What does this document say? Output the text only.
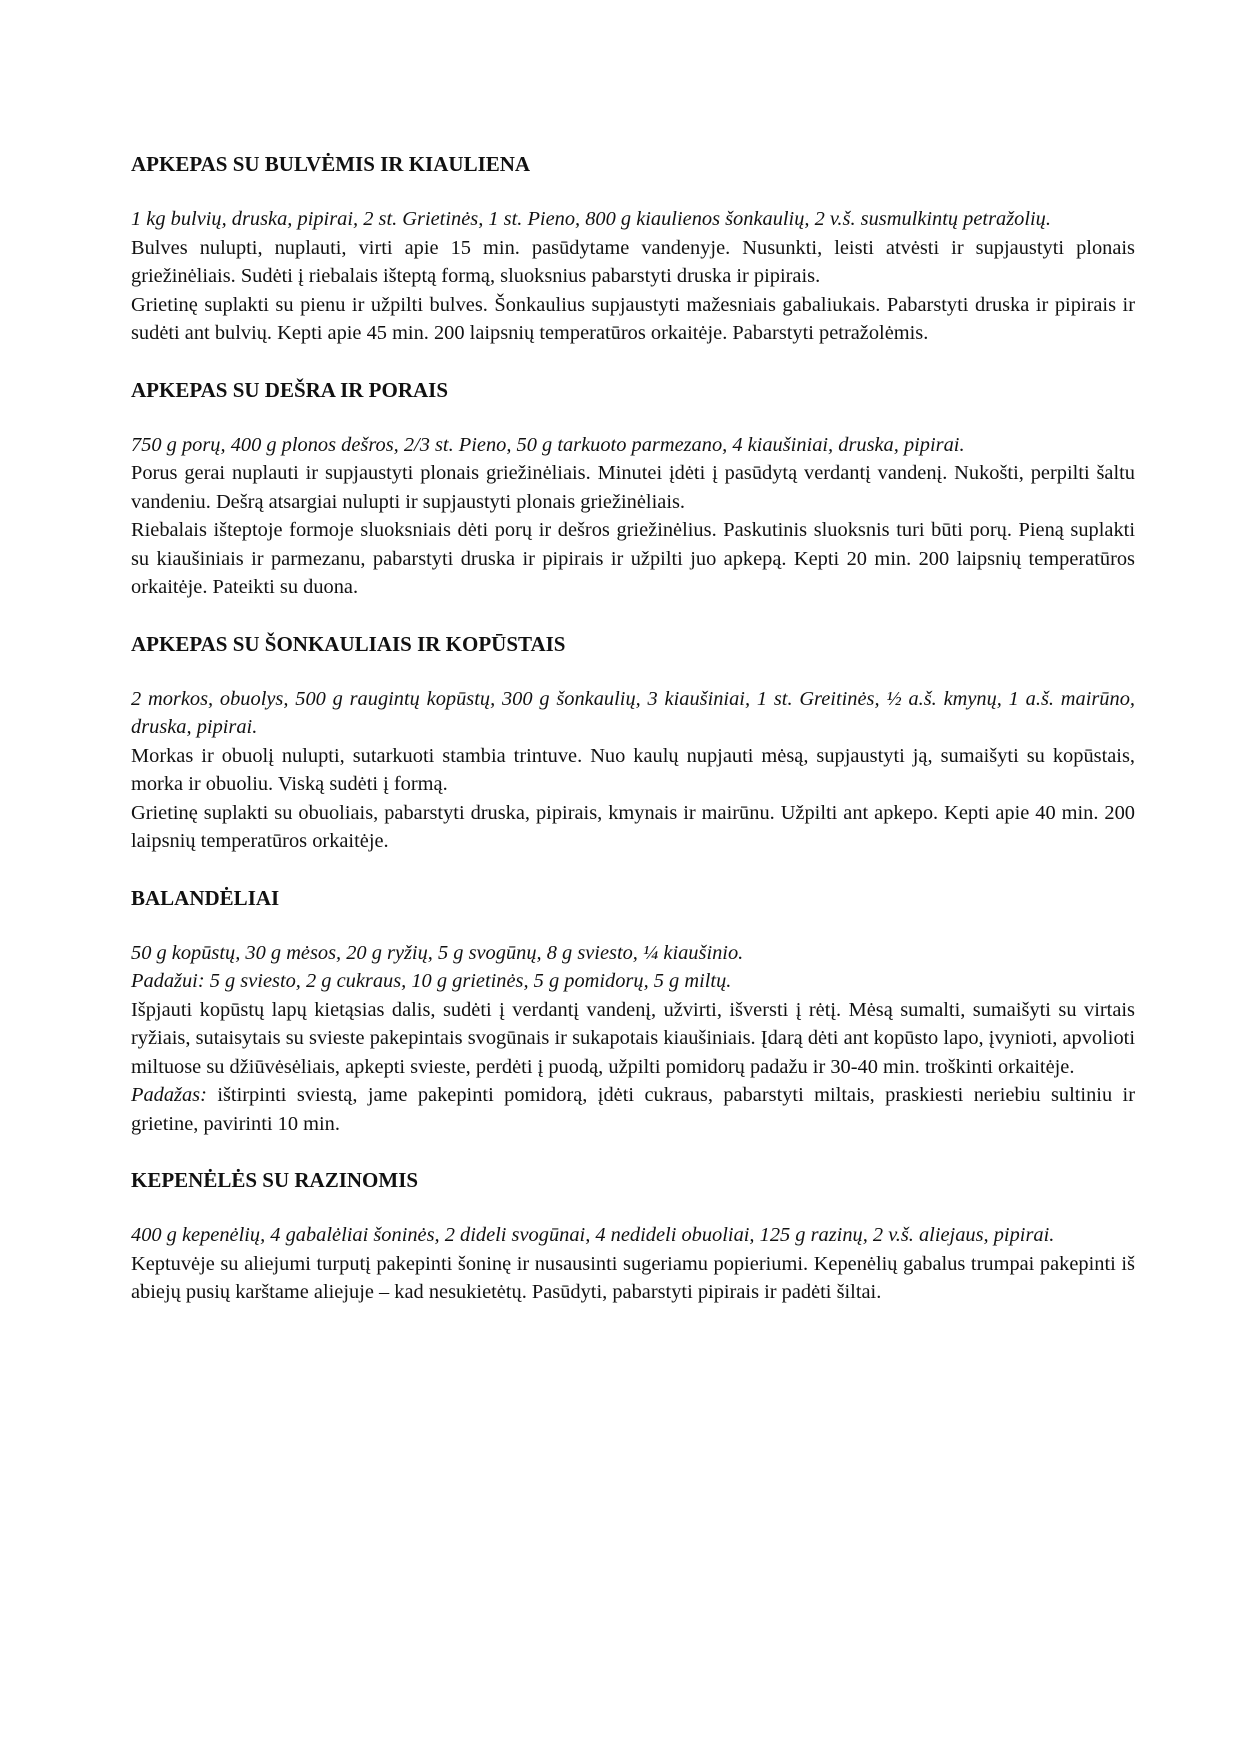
APKEPAS SU BULVĖMIS IR KIAULIENA

1 kg bulvių, druska, pipirai, 2 st. Grietinės, 1 st. Pieno, 800 g kiaulienos šonkaulių, 2 v.š. susmulkintų petražolių.

Bulves nulupti, nuplauti, virti apie 15 min. pasūdytame vandenyje. Nusunkti, leisti atvėsti ir supjaustyti plonais griežinėliais. Sudėti į riebalais išteptą formą, sluoksnius pabarstyti druska ir pipirais.

Grietinę suplakti su pienu ir užpilti bulves. Šonkaulius supjaustyti mažesniais gabaliukais. Pabarstyti druska ir pipirais ir sudėti ant bulvių. Kepti apie 45 min. 200 laipsnių temperatūros orkaitėje. Pabarstyti petražolėmis.

APKEPAS SU DEŠRA IR PORAIS

750 g porų, 400 g plonos dešros, 2/3 st. Pieno, 50 g tarkuoto parmezano, 4 kiaušiniai, druska, pipirai.

Porus gerai nuplauti ir supjaustyti plonais griežinėliais. Minutei įdėti į pasūdytą verdantį vandenį. Nukošti, perpilti šaltu vandeniu. Dešrą atsargiai nulupti ir supjaustyti plonais griežinėliais.

Riebalais išteptoje formoje sluoksniais dėti porų ir dešros griežinėlius. Paskutinis sluoksnis turi būti porų. Pieną suplakti su kiaušiniais ir parmezanu, pabarstyti druska ir pipirais ir užpilti juo apkepą. Kepti 20 min. 200 laipsnių temperatūros orkaitėje. Pateikti su duona.

APKEPAS SU ŠONKAULIAIS IR KOPŪSTAIS

2 morkos, obuolys, 500 g raugintų kopūstų, 300 g šonkaulių, 3 kiaušiniai, 1 st. Greitinės, ½ a.š. kmynų, 1 a.š. mairūno, druska, pipirai.

Morkas ir obuolį nulupti, sutarkuoti stambia trintuve. Nuo kaulų nupjauti mėsą, supjaustyti ją, sumaišyti su kopūstais, morka ir obuoliu. Viską sudėti į formą.

Grietinę suplakti su obuoliais, pabarstyti druska, pipirais, kmynais ir mairūnu. Užpilti ant apkepo. Kepti apie 40 min. 200 laipsnių temperatūros orkaitėje.

BALANDĖLIAI

50 g kopūstų, 30 g mėsos, 20 g ryžių, 5 g svogūnų, 8 g sviesto, ¼ kiaušinio.

Padažui: 5 g sviesto, 2 g cukraus, 10 g grietinės, 5 g pomidorų, 5 g miltų.

Išpjauti kopūstų lapų kietąsias dalis, sudėti į verdantį vandenį, užvirti, išversti į rėtį. Mėsą sumalti, sumaišyti su virtais ryžiais, sutaisytais su svieste pakepintais svogūnais ir sukapotais kiaušiniais. Įdarą dėti ant kopūsto lapo, įvynioti, apvolioti miltuose su džiūvėsėliais, apkepti svieste, perdėti į puodą, užpilti pomidorų padažu ir 30-40 min. troškinti orkaitėje.

Padažas: ištirpinti sviestą, jame pakepinti pomidorą, įdėti cukraus, pabarstyti miltais, praskiesti neriebiu sultiniu ir grietine, pavirinti 10 min.

KEPENĖLĖS SU RAZINOMIS

400 g kepenėlių, 4 gabalėliai šoninės, 2 dideli svogūnai, 4 nedideli obuoliai, 125 g razinų, 2 v.š. aliejaus, pipirai.

Keptuvėje su aliejumi turputį pakepinti šoninę ir nusausinti sugeriamu popieriumi. Kepenėlių gabalus trumpai pakepinti iš abiejų pusių karštame aliejuje – kad nesukietėtų. Pasūdyti, pabarstyti pipirais ir padėti šiltai.
